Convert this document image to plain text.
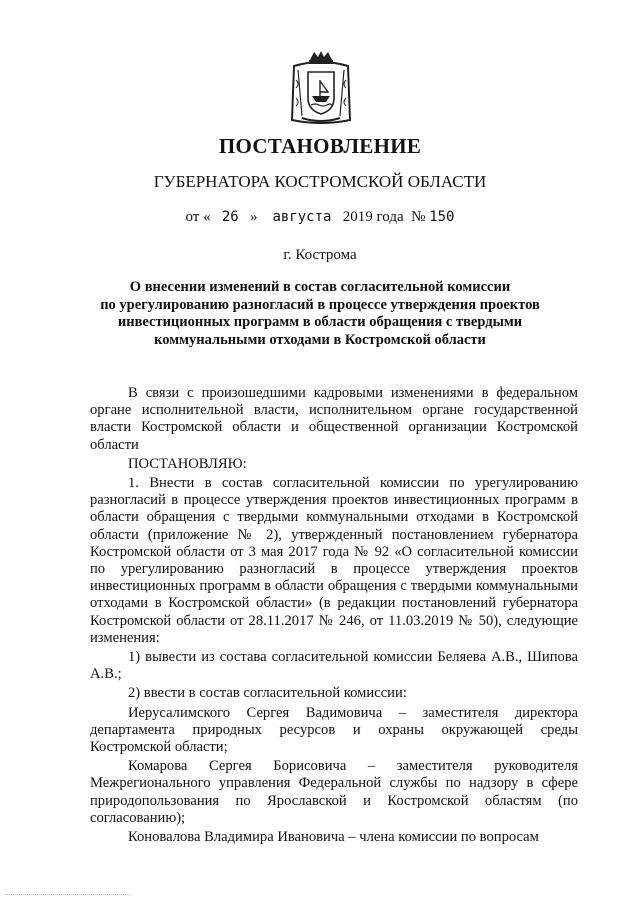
ПОСТАНОВЛЕНИЕ
ГУБЕРНАТОРА КОСТРОМСКОЙ ОБЛАСТИ
от « 26 » августа 2019 года № 150
г. Кострома
О внесении изменений в состав согласительной комиссии
по урегулированию разногласий в процессе утверждения проектов
инвестиционных программ в области обращения с твердыми
коммунальными отходами в Костромской области

В связи с произошедшими кадровыми изменениями в федеральном органе исполнительной власти, исполнительном органе государственной власти Костромской области и общественной организации Костромской области

ПОСТАНОВЛЯЮ:

1. Внести в состав согласительной комиссии по урегулированию разногласий в процессе утверждения проектов инвестиционных программ в области обращения с твердыми коммунальными отходами в Костромской области (приложение № 2), утвержденный постановлением губернатора Костромской области от 3 мая 2017 года № 92 «О согласительной комиссии по урегулированию разногласий в процессе утверждения проектов инвестиционных программ в области обращения с твердыми коммунальными отходами в Костромской области» (в редакции постановлений губернатора Костромской области от 28.11.2017 № 246, от 11.03.2019 № 50), следующие изменения:

1) вывести из состава согласительной комиссии Беляева А.В., Шипова А.В.;

2) ввести в состав согласительной комиссии:

Иерусалимского Сергея Вадимовича – заместителя директора департамента природных ресурсов и охраны окружающей среды Костромской области;

Комарова Сергея Борисовича – заместителя руководителя Межрегионального управления Федеральной службы по надзору в сфере природопользования по Ярославской и Костромской областям (по согласованию);

Коновалова Владимира Ивановича – члена комиссии по вопросам
